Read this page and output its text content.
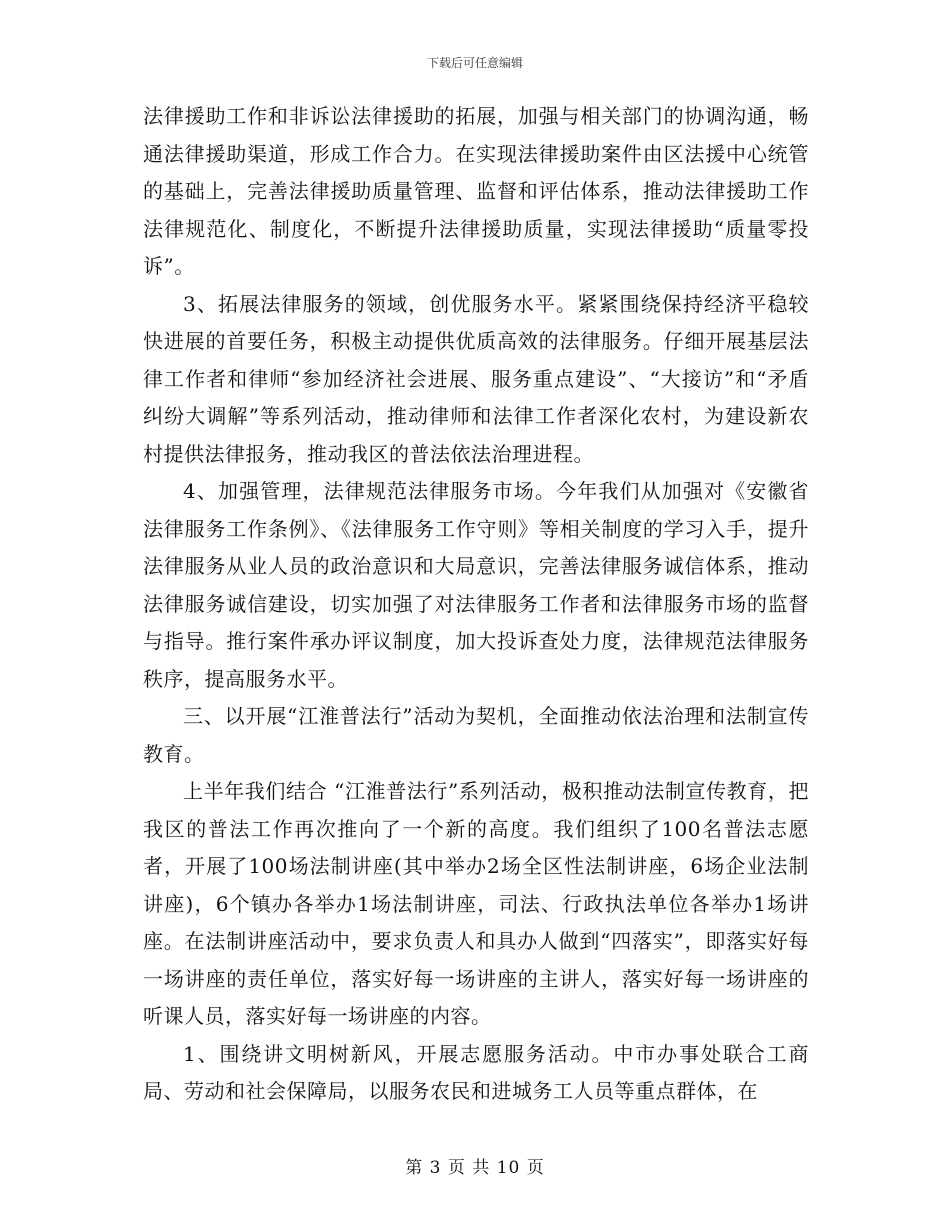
下载后可任意编辑

法律援助工作和非诉讼法律援助的拓展，加强与相关部门的协调沟通，畅通法律援助渠道，形成工作合力。在实现法律援助案件由区法援中心统管的基础上，完善法律援助质量管理、监督和评估体系，推动法律援助工作法律规范化、制度化，不断提升法律援助质量，实现法律援助“质量零投诉”。

3、拓展法律服务的领域，创优服务水平。紧紧围绕保持经济平稳较快进展的首要任务，积极主动提供优质高效的法律服务。仔细开展基层法律工作者和律师“参加经济社会进展、服务重点建设”、“大接访”和“矛盾纠纷大调解”等系列活动，推动律师和法律工作者深化农村，为建设新农村提供法律报务，推动我区的普法依法治理进程。

4、加强管理，法律规范法律服务市场。今年我们从加强对《安徽省法律服务工作条例》、《法律服务工作守则》等相关制度的学习入手，提升法律服务从业人员的政治意识和大局意识，完善法律服务诚信体系，推动法律服务诚信建设，切实加强了对法律服务工作者和法律服务市场的监督与指导。推行案件承办评议制度，加大投诉查处力度，法律规范法律服务秩序，提高服务水平。

三、以开展“江淮普法行”活动为契机，全面推动依法治理和法制宣传教育。

上半年我们结合 “江淮普法行”系列活动，极积推动法制宣传教育，把我区的普法工作再次推向了一个新的高度。我们组织了100名普法志愿者，开展了100场法制讲座(其中举办2场全区性法制讲座，6场企业法制讲座)，6个镇办各举办1场法制讲座，司法、行政执法单位各举办1场讲座。在法制讲座活动中，要求负责人和具办人做到“四落实”，即落实好每一场讲座的责任单位，落实好每一场讲座的主讲人，落实好每一场讲座的听课人员，落实好每一场讲座的内容。

1、围绕讲文明树新风，开展志愿服务活动。中市办事处联合工商局、劳动和社会保障局，以服务农民和进城务工人员等重点群体，在

第 3 页 共 10 页
